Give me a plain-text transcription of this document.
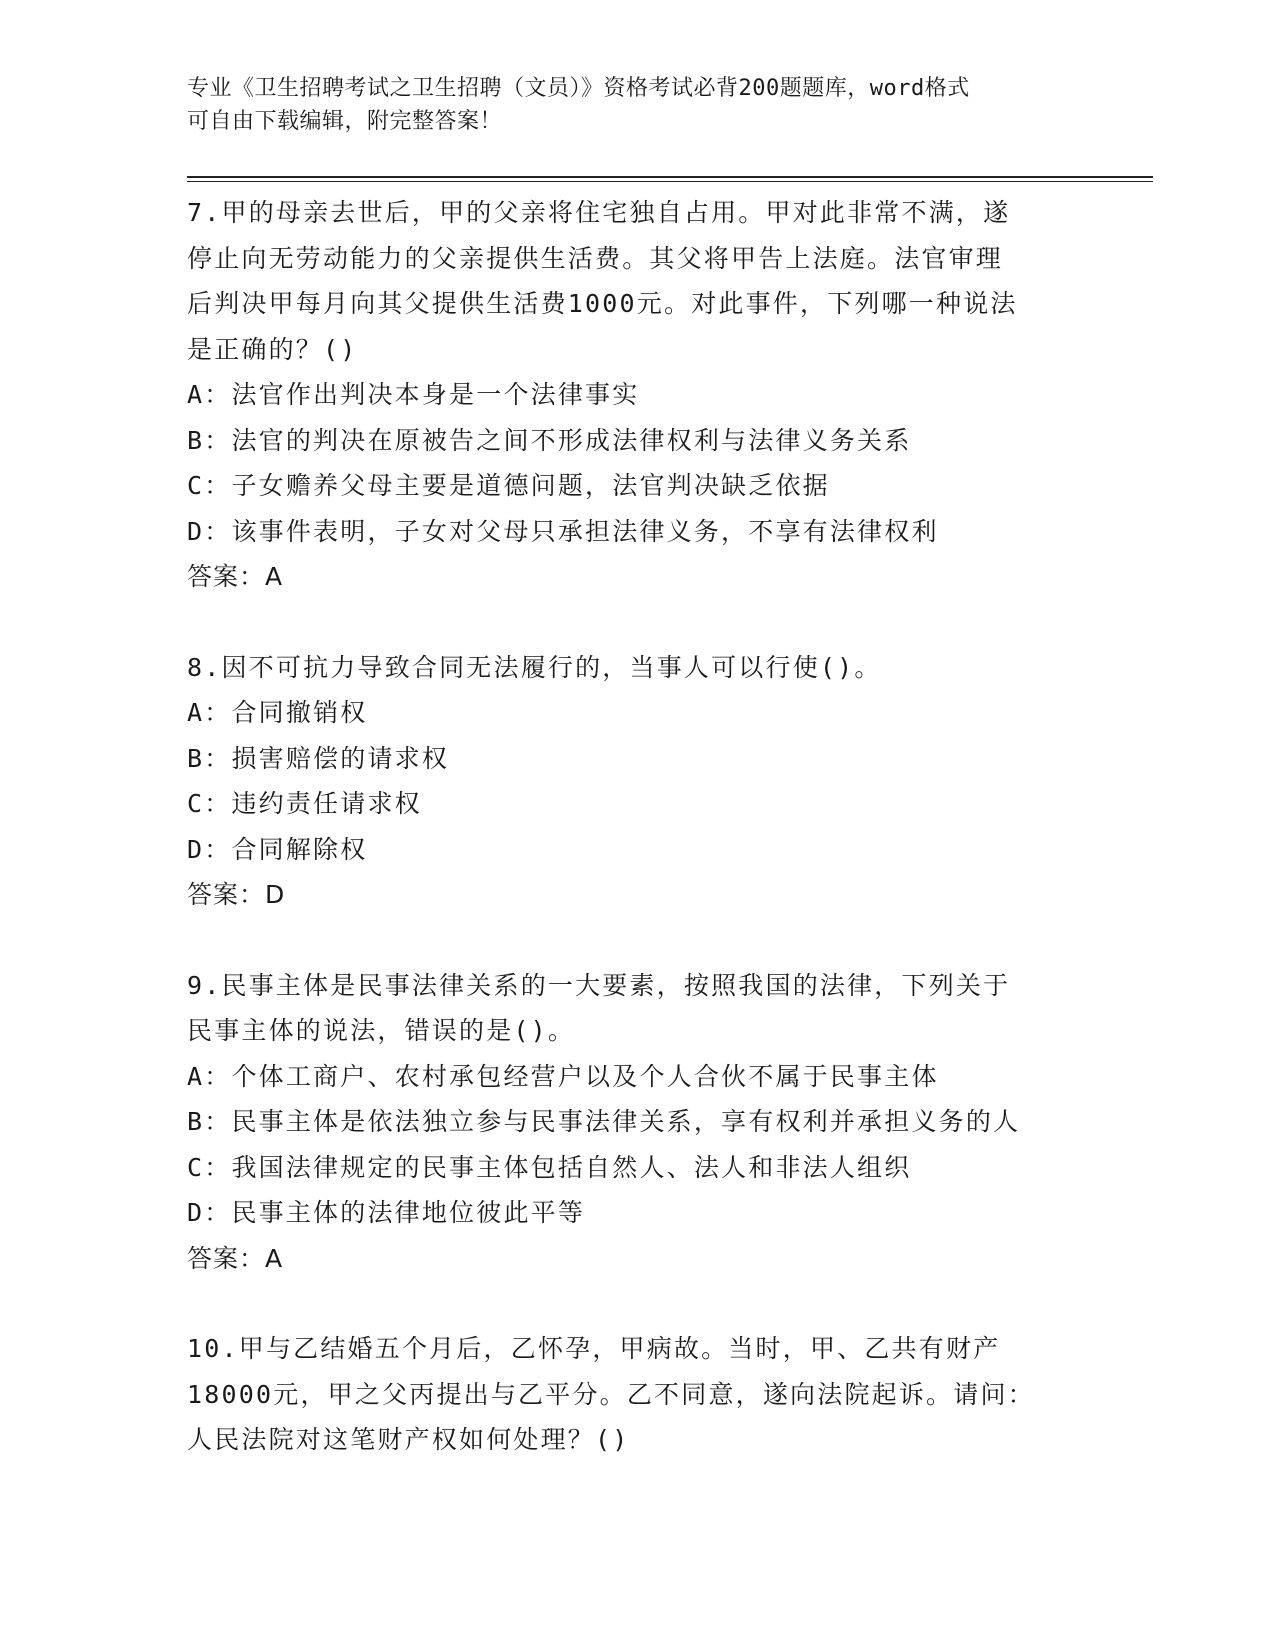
专业《卫生招聘考试之卫生招聘（文员）》资格考试必背200题题库，word格式
可自由下载编辑，附完整答案！

7.甲的母亲去世后，甲的父亲将住宅独自占用。甲对此非常不满，遂

停止向无劳动能力的父亲提供生活费。其父将甲告上法庭。法官审理

后判决甲每月向其父提供生活费1000元。对此事件，下列哪一种说法

是正确的？()

A：法官作出判决本身是一个法律事实

B：法官的判决在原被告之间不形成法律权利与法律义务关系

C：子女赡养父母主要是道德问题，法官判决缺乏依据

D：该事件表明，子女对父母只承担法律义务，不享有法律权利

答案：A

8.因不可抗力导致合同无法履行的，当事人可以行使()。

A：合同撤销权

B：损害赔偿的请求权

C：违约责任请求权

D：合同解除权

答案：D

9.民事主体是民事法律关系的一大要素，按照我国的法律，下列关于

民事主体的说法，错误的是()。

A：个体工商户、农村承包经营户以及个人合伙不属于民事主体

B：民事主体是依法独立参与民事法律关系，享有权利并承担义务的人

C：我国法律规定的民事主体包括自然人、法人和非法人组织

D：民事主体的法律地位彼此平等

答案：A

10.甲与乙结婚五个月后，乙怀孕，甲病故。当时，甲、乙共有财产

18000元，甲之父丙提出与乙平分。乙不同意，遂向法院起诉。请问：

人民法院对这笔财产权如何处理？()
